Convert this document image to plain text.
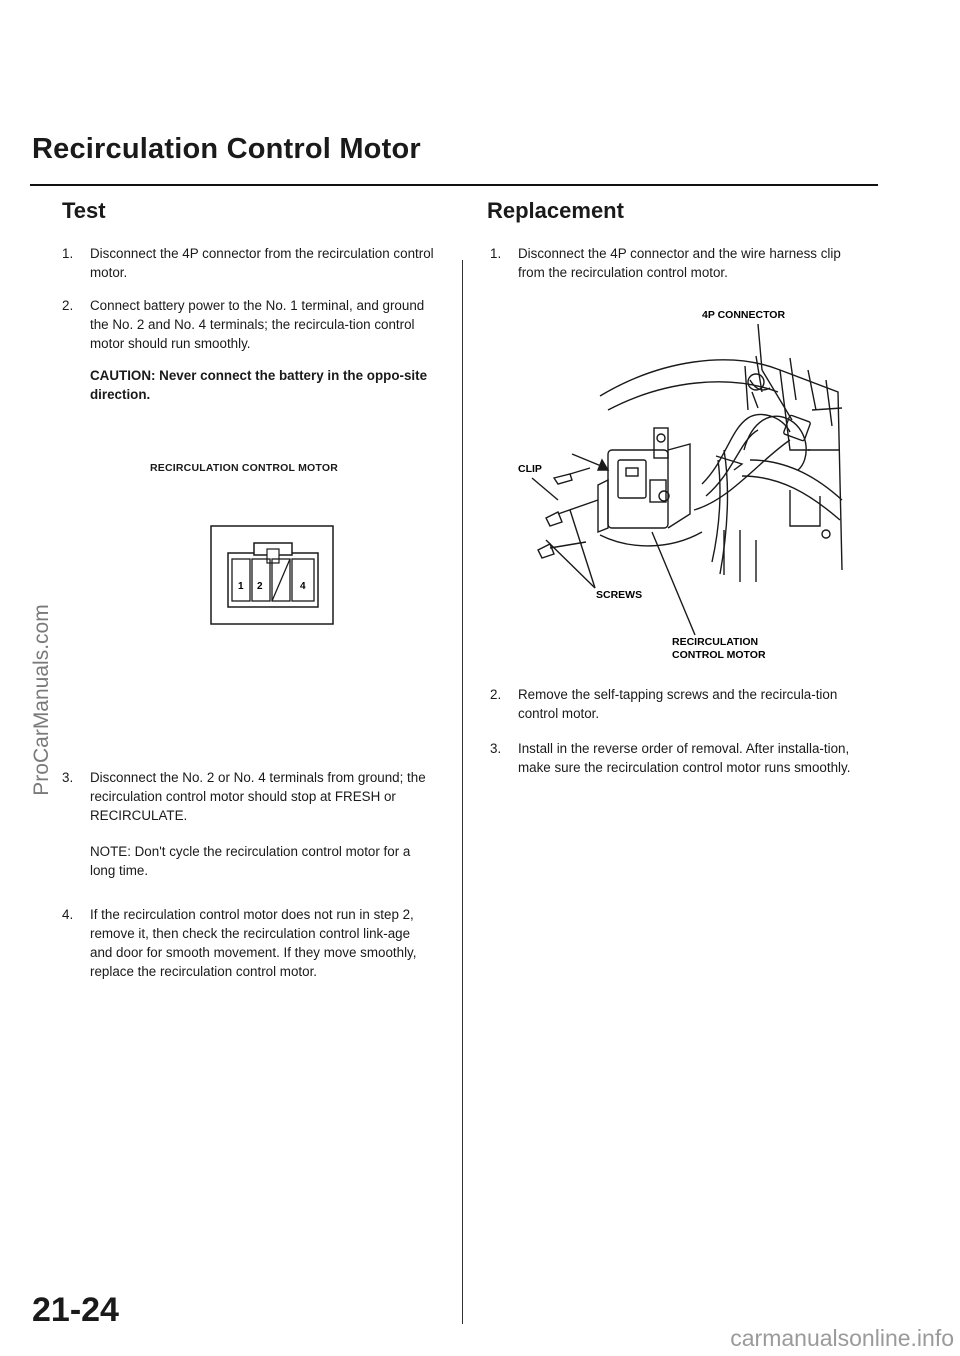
Recirculation Control Motor
Test
1. Disconnect the 4P connector from the recirculation control motor.
2. Connect battery power to the No. 1 terminal, and ground the No. 2 and No. 4 terminals; the recircula-tion control motor should run smoothly.
CAUTION: Never connect the battery in the oppo-site direction.
RECIRCULATION CONTROL MOTOR
1 2	4
3. Disconnect the No. 2 or No. 4 terminals from ground; the recirculation control motor should stop at FRESH or RECIRCULATE.
NOTE: Don't cycle the recirculation control motor for a long time.
4. If the recirculation control motor does not run in step 2, remove it, then check the recirculation control link-age and door for smooth movement. If they move smoothly, replace the recirculation control motor.
Replacement
1. Disconnect the 4P connector and the wire harness clip from the recirculation control motor.
4P CONNECTOR
CLIP
SCREWS
RECIRCULATION
CONTROL MOTOR
2. Remove the self-tapping screws and the recircula-tion control motor.
3. Install in the reverse order of removal. After installa-tion, make sure the recirculation control motor runs smoothly.
ProCarManuals.com
21-24
carmanualsonline.info
